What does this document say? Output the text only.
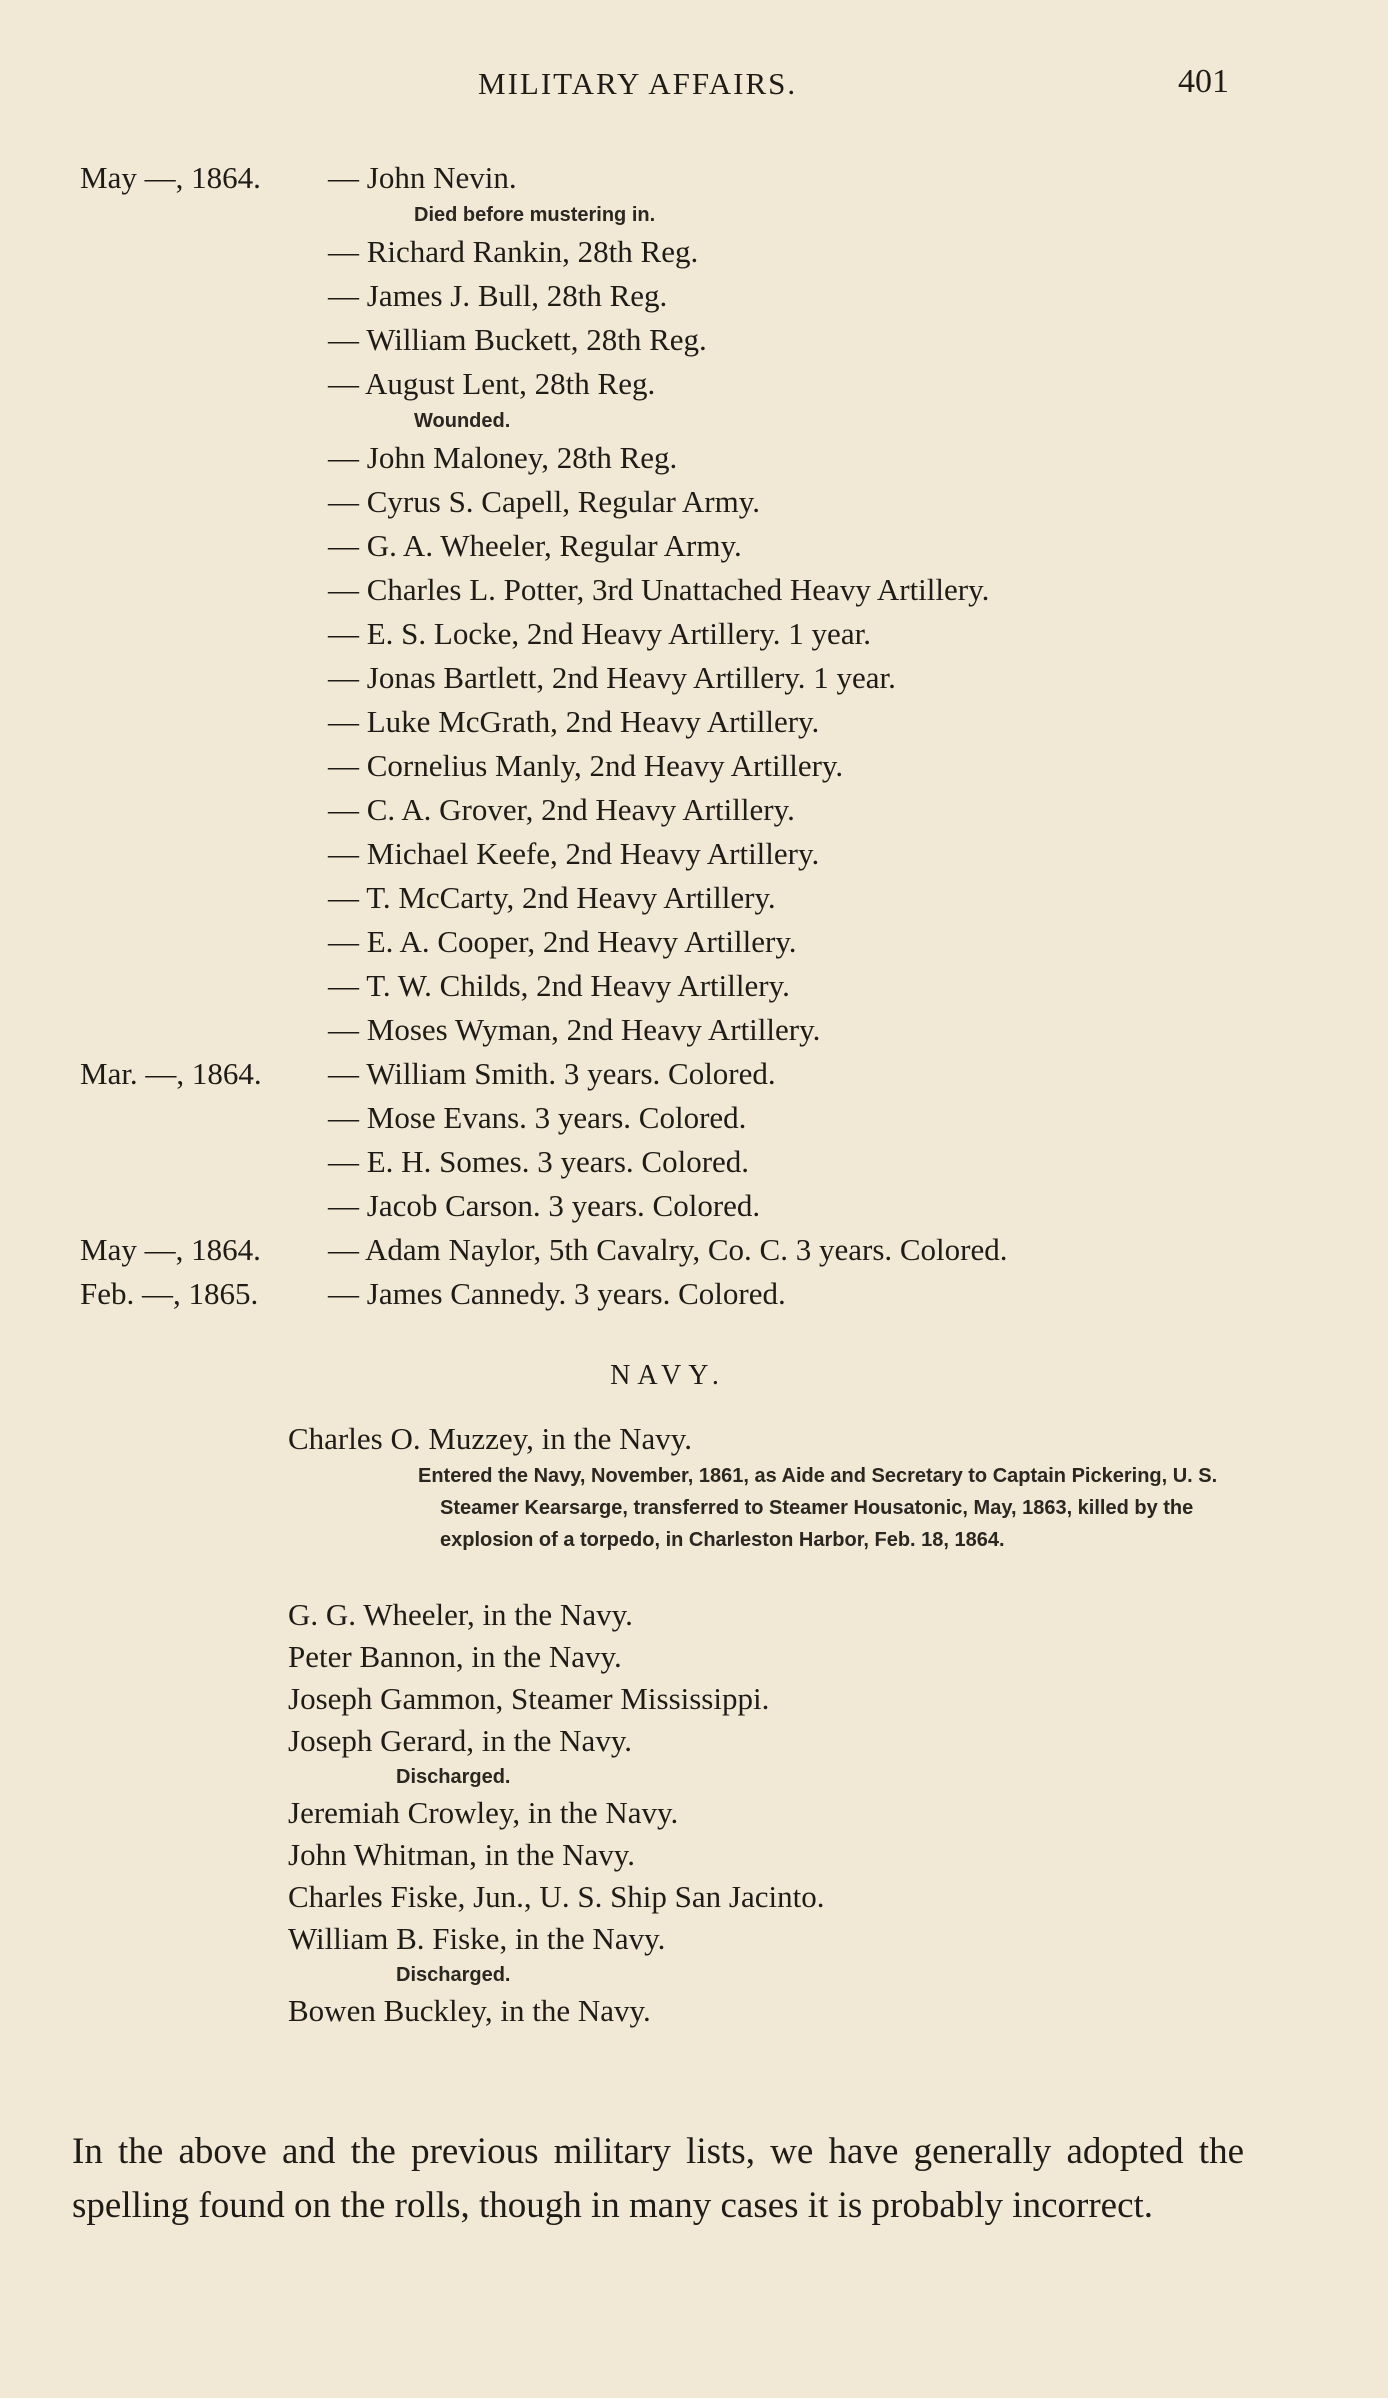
MILITARY AFFAIRS.	401
May —, 1864.	— John Nevin.
Died before mustering in.
— Richard Rankin, 28th Reg.
— James J. Bull, 28th Reg.
— William Buckett, 28th Reg.
— August Lent, 28th Reg.
Wounded.
— John Maloney, 28th Reg.
— Cyrus S. Capell, Regular Army.
— G. A. Wheeler, Regular Army.
— Charles L. Potter, 3rd Unattached Heavy Artillery.
— E. S. Locke, 2nd Heavy Artillery. 1 year.
— Jonas Bartlett, 2nd Heavy Artillery. 1 year.
— Luke McGrath, 2nd Heavy Artillery.
— Cornelius Manly, 2nd Heavy Artillery.
— C. A. Grover, 2nd Heavy Artillery.
— Michael Keefe, 2nd Heavy Artillery.
— T. McCarty, 2nd Heavy Artillery.
— E. A. Cooper, 2nd Heavy Artillery.
— T. W. Childs, 2nd Heavy Artillery.
— Moses Wyman, 2nd Heavy Artillery.
Mar. —, 1864.	— William Smith. 3 years. Colored.
— Mose Evans. 3 years. Colored.
— E. H. Somes. 3 years. Colored.
— Jacob Carson. 3 years. Colored.
May —, 1864.	— Adam Naylor, 5th Cavalry, Co. C. 3 years. Colored.
Feb. —, 1865.	— James Cannedy. 3 years. Colored.
NAVY.
Charles O. Muzzey, in the Navy.
Entered the Navy, November, 1861, as Aide and Secretary to Captain Pickering, U. S. Steamer Kearsarge, transferred to Steamer Housatonic, May, 1863, killed by the explosion of a torpedo, in Charleston Harbor, Feb. 18, 1864.
G. G. Wheeler, in the Navy.
Peter Bannon, in the Navy.
Joseph Gammon, Steamer Mississippi.
Joseph Gerard, in the Navy.
Discharged.
Jeremiah Crowley, in the Navy.
John Whitman, in the Navy.
Charles Fiske, Jun., U. S. Ship San Jacinto.
William B. Fiske, in the Navy.
Discharged.
Bowen Buckley, in the Navy.

In the above and the previous military lists, we have generally adopted the spelling found on the rolls, though in many cases it is probably incorrect.
